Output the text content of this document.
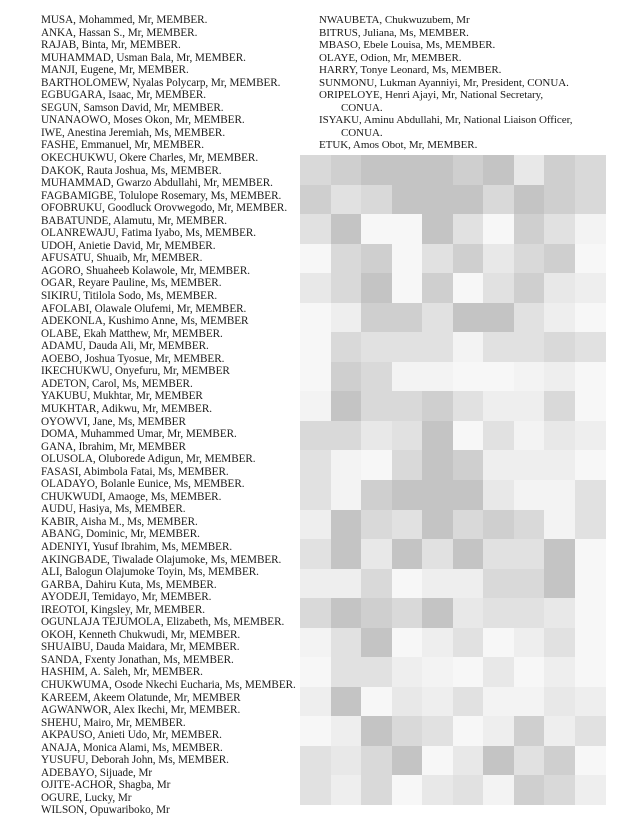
MUSA, Mohammed, Mr, MEMBER.
ANKA, Hassan S., Mr, MEMBER.
RAJAB, Binta, Mr, MEMBER.
MUHAMMAD, Usman Bala, Mr, MEMBER.
MANJI, Eugene, Mr, MEMBER.
BARTHOLOMEW, Nyalas Polycarp, Mr, MEMBER.
EGBUGARA, Isaac, Mr, MEMBER.
SEGUN, Samson David, Mr, MEMBER.
UNANAOWO, Moses Okon, Mr, MEMBER.
IWE, Anestina Jeremiah, Ms, MEMBER.
FASHE, Emmanuel, Mr, MEMBER.
OKECHUKWU, Okere Charles, Mr, MEMBER.
DAKOK, Rauta Joshua, Ms, MEMBER.
MUHAMMAD, Gwarzo Abdullahi, Mr, MEMBER.
FAGBAMIGBE, Tolulope Rosemary, Ms, MEMBER.
OFOBRUKU, Goodluck Orovwegodo, Mr, MEMBER.
BABATUNDE, Alamutu, Mr, MEMBER.
OLANREWAJU, Fatima Iyabo, Ms, MEMBER.
UDOH, Anietie David, Mr, MEMBER.
AFUSATU, Shuaib, Mr, MEMBER.
AGORO, Shuaheeb Kolawole, Mr, MEMBER.
OGAR, Reyare Pauline, Ms, MEMBER.
SIKIRU, Titilola Sodo, Ms, MEMBER.
AFOLABI, Olawale Olufemi, Mr, MEMBER.
ADEKONLA, Kushimo Anne, Ms, MEMBER
OLABE, Ekah Matthew, Mr, MEMBER.
ADAMU, Dauda Ali, Mr, MEMBER.
AOEBO, Joshua Tyosue, Mr, MEMBER.
IKECHUKWU, Onyefuru, Mr, MEMBER
ADETON, Carol, Ms, MEMBER.
YAKUBU, Mukhtar, Mr, MEMBER
MUKHTAR, Adikwu, Mr, MEMBER.
OYOWVI, Jane, Ms, MEMBER
DOMA, Muhammed Umar, Mr, MEMBER.
GANA, Ibrahim, Mr, MEMBER
OLUSOLA, Oluborede Adigun, Mr, MEMBER.
FASASI, Abimbola Fatai, Ms, MEMBER.
OLADAYO, Bolanle Eunice, Ms, MEMBER.
CHUKWUDI, Amaoge, Ms, MEMBER.
AUDU, Hasiya, Ms, MEMBER.
KABIR, Aisha M., Ms, MEMBER.
ABANG, Dominic, Mr, MEMBER.
ADENIYI, Yusuf Ibrahim, Ms, MEMBER.
AKINGBADE, Tiwalade Olajumoke, Ms, MEMBER.
ALI, Balogun Olajumoke Toyin, Ms, MEMBER.
GARBA, Dahiru Kuta, Ms, MEMBER.
AYODEJI, Temidayo, Mr, MEMBER.
IREOTOI, Kingsley, Mr, MEMBER.
OGUNLAJA TEJUMOLA, Elizabeth, Ms, MEMBER.
OKOH, Kenneth Chukwudi, Mr, MEMBER.
SHUAIBU, Dauda Maidara, Mr, MEMBER.
SANDA, Fxenty Jonathan, Ms, MEMBER.
HASHIM, A. Saleh, Mr, MEMBER.
CHUKWUMA, Osode Nkechi Eucharia, Ms, MEMBER.
KAREEM, Akeem Olatunde, Mr, MEMBER
AGWANWOR, Alex Ikechi, Mr, MEMBER.
SHEHU, Mairo, Mr, MEMBER.
AKPAUSO, Anieti Udo, Mr, MEMBER.
ANAJA, Monica Alami, Ms, MEMBER.
YUSUFU, Deborah John, Ms, MEMBER.
ADEBAYO, Sijuade, Mr
OJITE-ACHOR, Shagba, Mr
OGURE, Lucky, Mr
WILSON, Opuwariboko, Mr
NWAUBETA, Chukwuzubem, Mr
BITRUS, Juliana, Ms, MEMBER.
MBASO, Ebele Louisa, Ms, MEMBER.
OLAYE, Odion, Mr, MEMBER.
HARRY, Tonye Leonard, Ms, MEMBER.
SUNMONU, Lukman Ayanniyi, Mr, President, CONUA.
ORIPELOYE, Henri Ajayi, Mr, National Secretary,
CONUA.
ISYAKU, Aminu Abdullahi, Mr, National Liaison Officer,
CONUA.
ETUK, Amos Obot, Mr, MEMBER.
